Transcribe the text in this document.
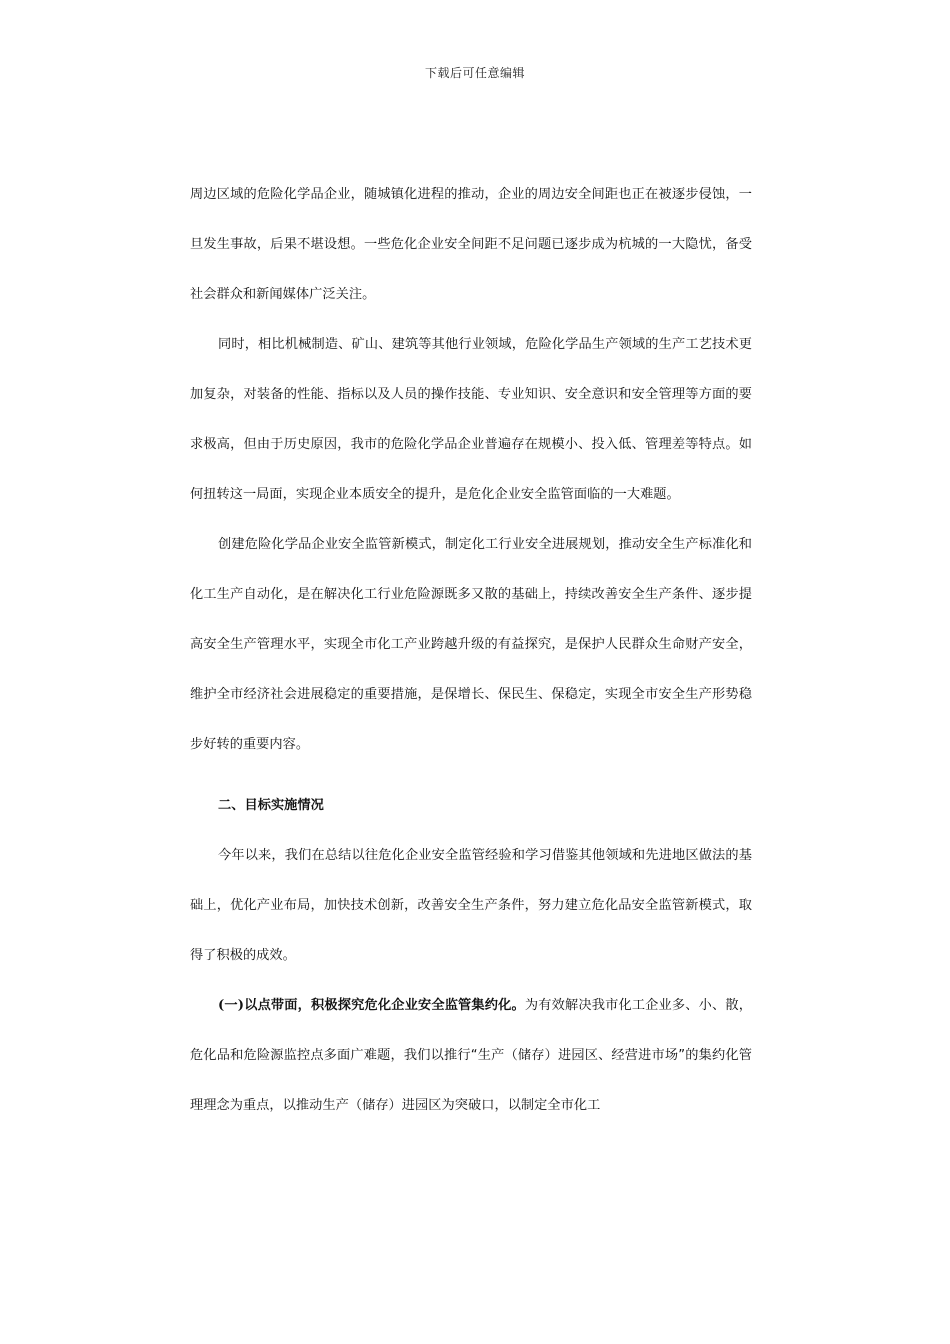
下载后可任意编辑

周边区域的危险化学品企业，随城镇化进程的推动，企业的周边安全间距也正在被逐步侵蚀，一旦发生事故，后果不堪设想。一些危化企业安全间距不足问题已逐步成为杭城的一大隐忧，备受社会群众和新闻媒体广泛关注。

同时，相比机械制造、矿山、建筑等其他行业领域，危险化学品生产领域的生产工艺技术更加复杂，对装备的性能、指标以及人员的操作技能、专业知识、安全意识和安全管理等方面的要求极高，但由于历史原因，我市的危险化学品企业普遍存在规模小、投入低、管理差等特点。如何扭转这一局面，实现企业本质安全的提升，是危化企业安全监管面临的一大难题。

创建危险化学品企业安全监管新模式，制定化工行业安全进展规划，推动安全生产标准化和化工生产自动化，是在解决化工行业危险源既多又散的基础上，持续改善安全生产条件、逐步提高安全生产管理水平，实现全市化工产业跨越升级的有益探究，是保护人民群众生命财产安全，维护全市经济社会进展稳定的重要措施，是保增长、保民生、保稳定，实现全市安全生产形势稳步好转的重要内容。

二、目标实施情况

今年以来，我们在总结以往危化企业安全监管经验和学习借鉴其他领域和先进地区做法的基础上，优化产业布局，加快技术创新，改善安全生产条件，努力建立危化品安全监管新模式，取得了积极的成效。

(一)以点带面，积极探究危化企业安全监管集约化。为有效解决我市化工企业多、小、散，危化品和危险源监控点多面广难题，我们以推行“生产（储存）进园区、经营进市场”的集约化管理理念为重点，以推动生产（储存）进园区为突破口，以制定全市化工
